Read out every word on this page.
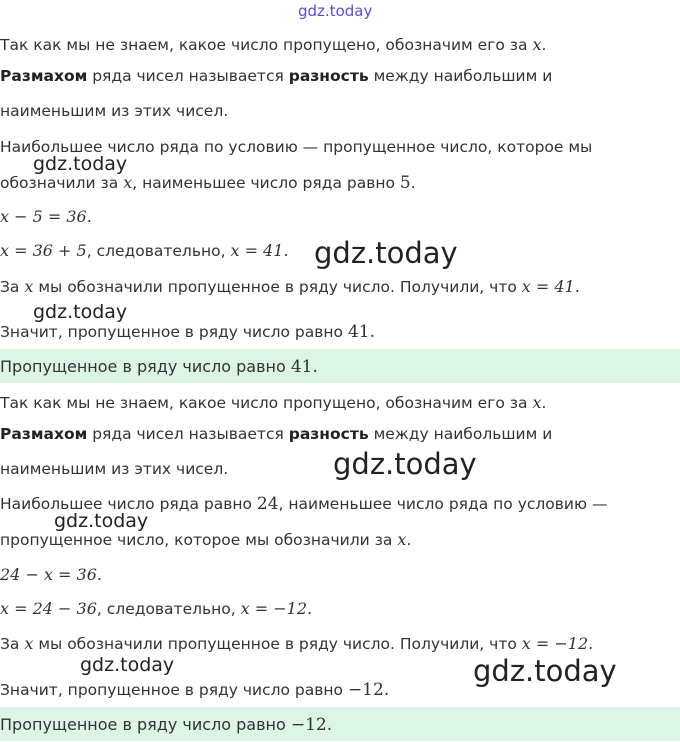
gdz.today
Так как мы не знаем, какое число пропущено, обозначим его за x.
Размахом ряда чисел называется разность между наибольшим и
наименьшим из этих чисел.
Наибольшее число ряда по условию — пропущенное число, которое мы
gdz.today
обозначили за x, наименьшее число ряда равно 5.
x − 5 = 36.
x = 36 + 5, следовательно, x = 41. gdz.today
За x мы обозначили пропущенное в ряду число. Получили, что x = 41.
gdz.today
Значит, пропущенное в ряду число равно 41.
Пропущенное в ряду число равно 41.
Так как мы не знаем, какое число пропущено, обозначим его за x.
Размахом ряда чисел называется разность между наибольшим и
наименьшим из этих чисел.	gdz.today
Наибольшее число ряда равно 24, наименьшее число ряда по условию —
gdz.today
пропущенное число, которое мы обозначили за x.
24 − x = 36.
x = 24 − 36, следовательно, x = −12.
За x мы обозначили пропущенное в ряду число. Получили, что x = −12.
gdz.today	gdz.today
Значит, пропущенное в ряду число равно −12.
Пропущенное в ряду число равно −12.
